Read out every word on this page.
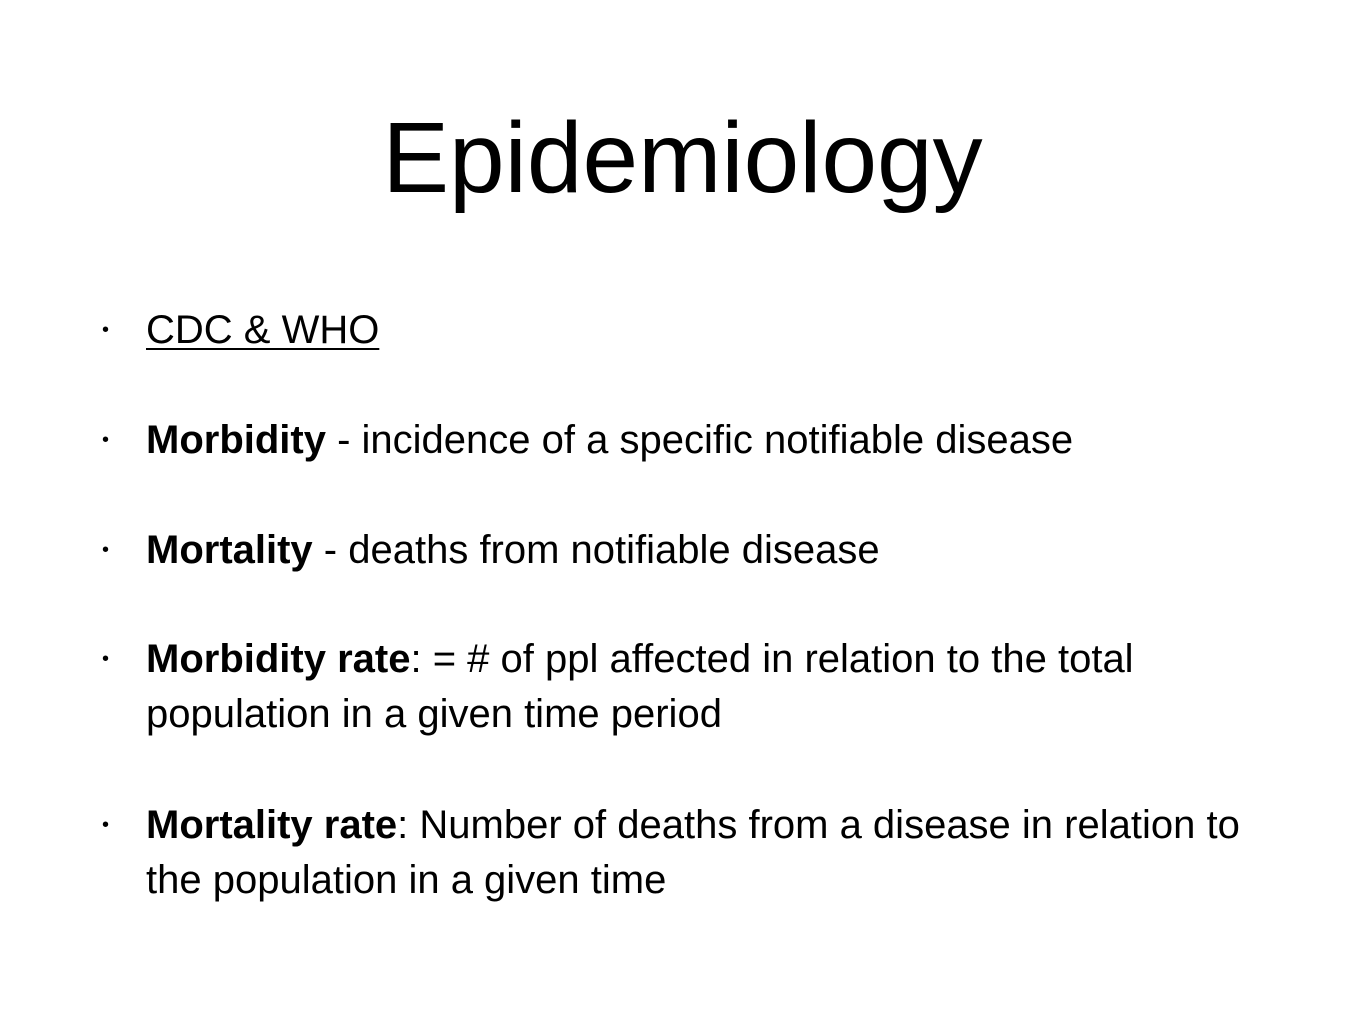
Epidemiology
• CDC & WHO
• Morbidity - incidence of a specific notifiable disease
• Mortality - deaths from notifiable disease
• Morbidity rate: = # of ppl affected in relation to the total population in a given time period
• Mortality rate: Number of deaths from a disease in relation to the population in a given time
